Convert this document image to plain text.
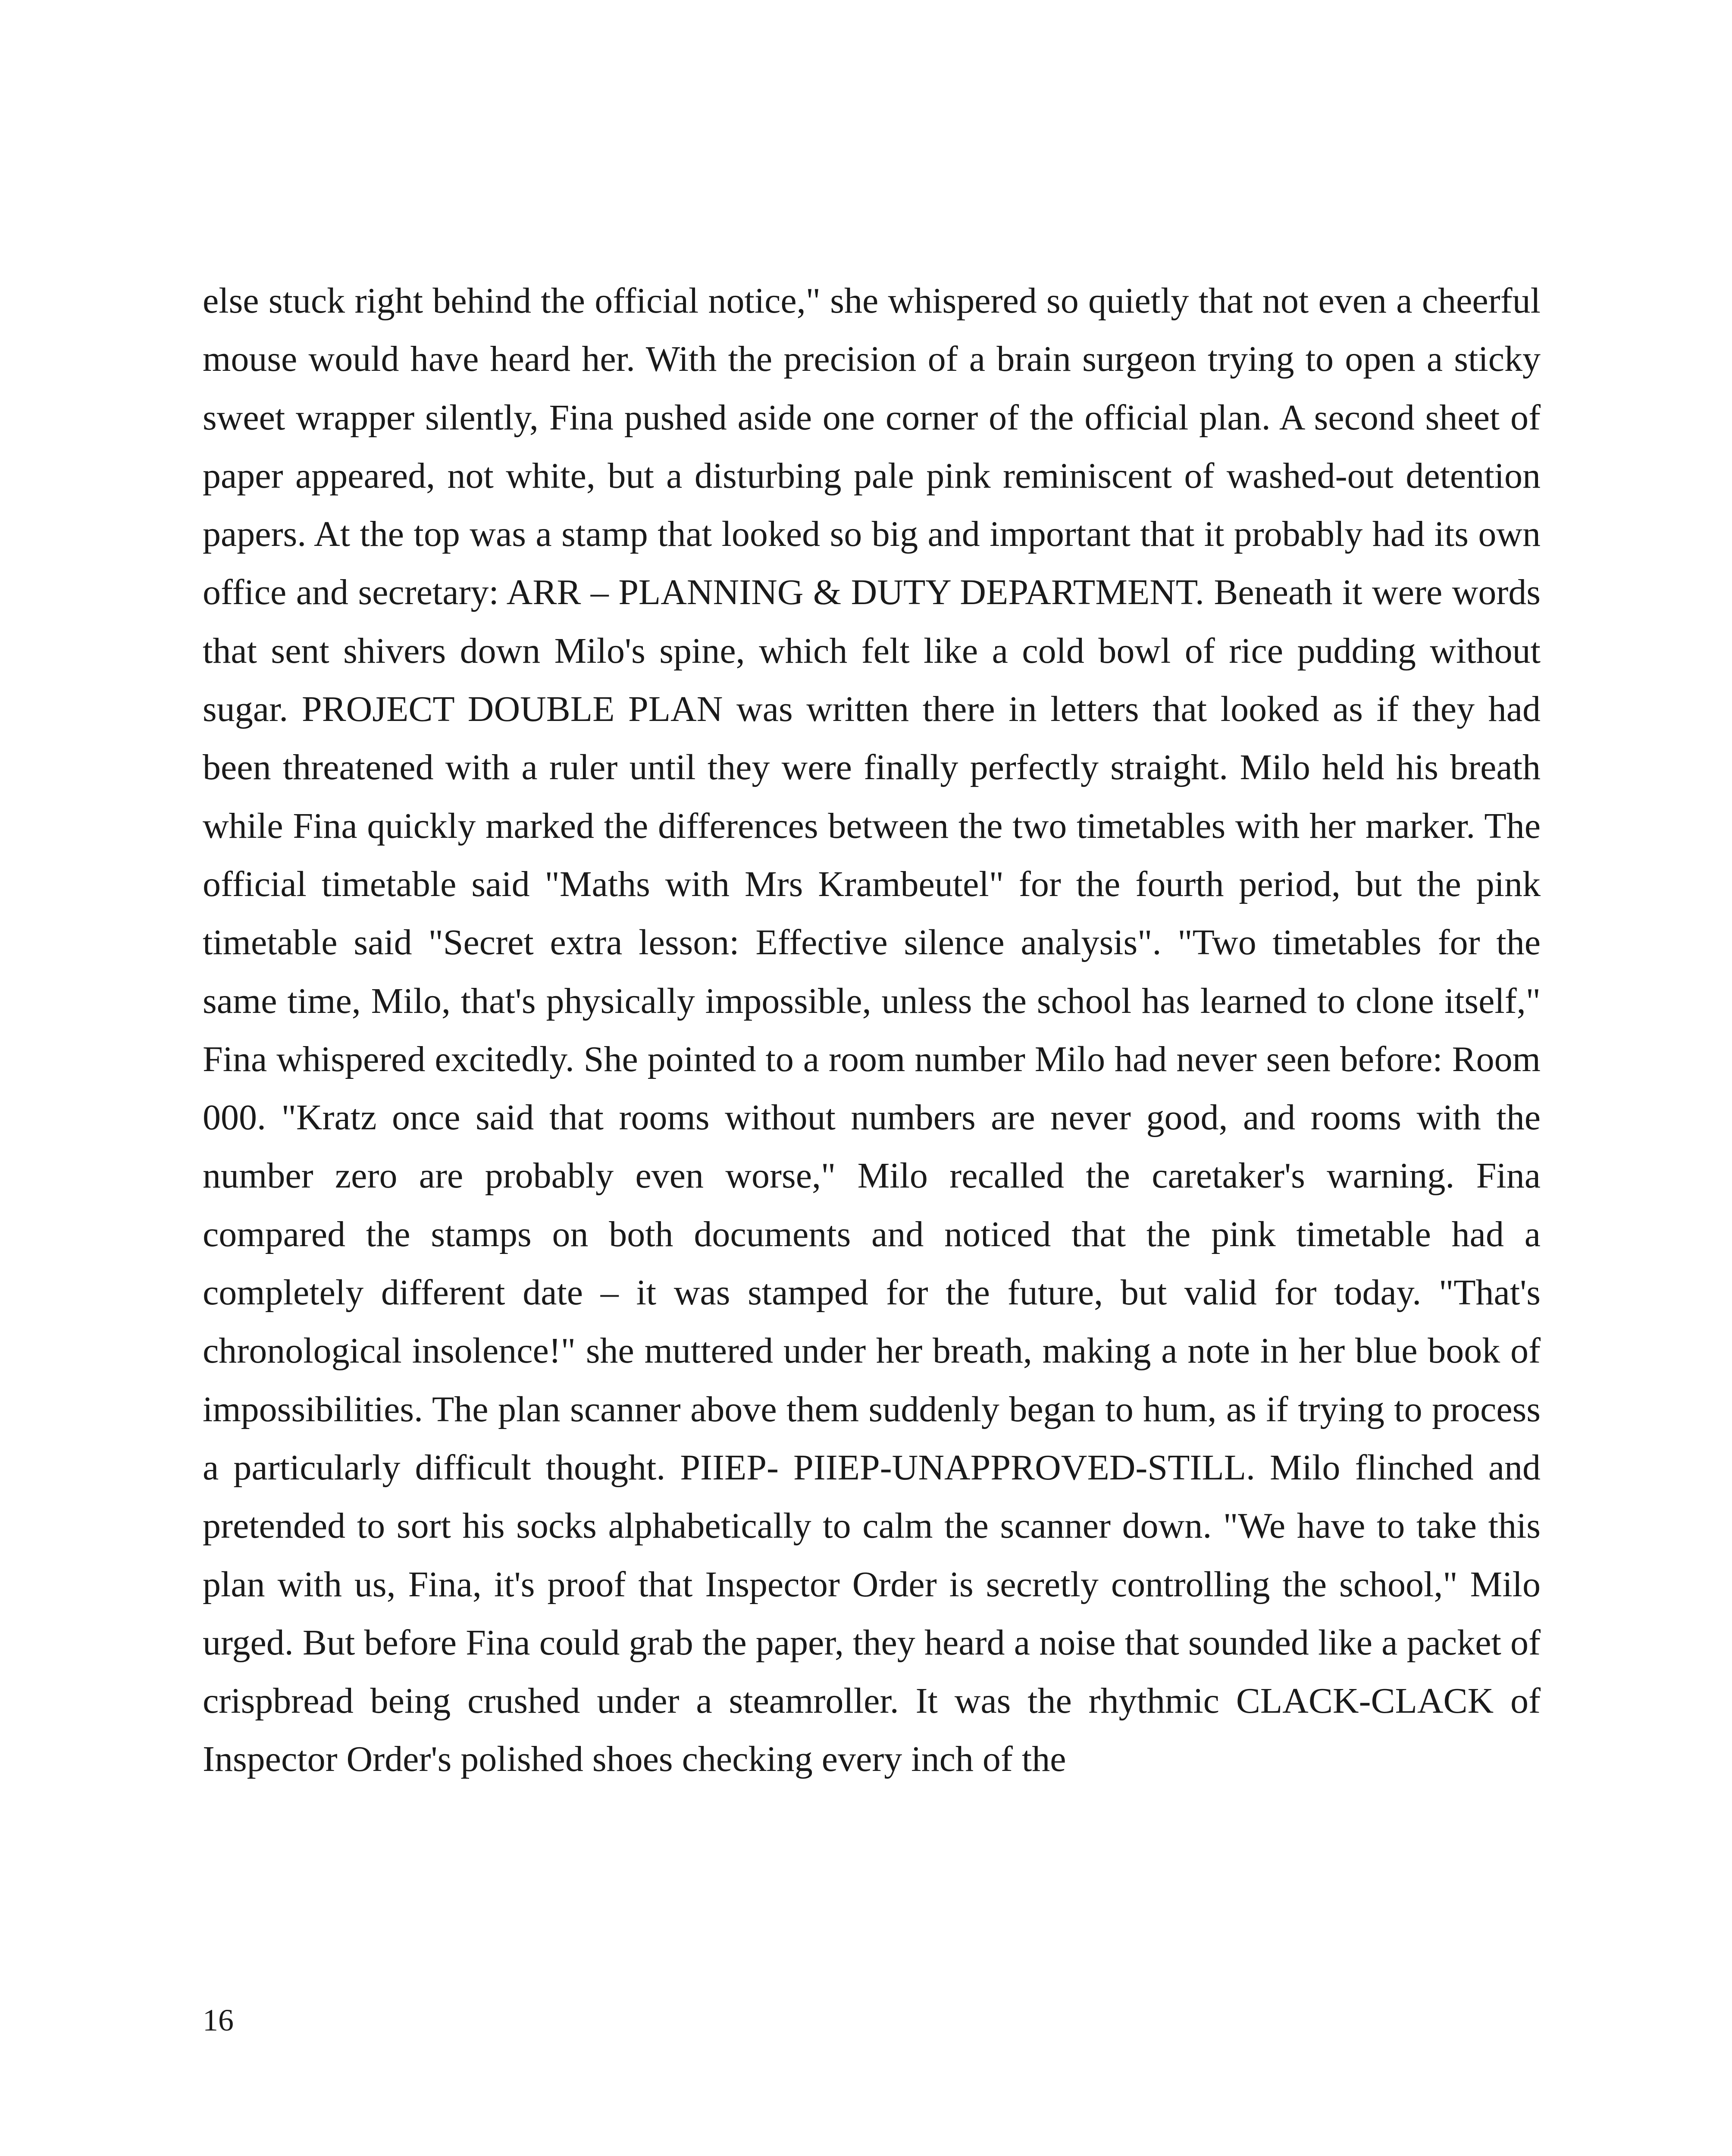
else stuck right behind the official notice," she whispered so quietly that not even a cheerful mouse would have heard her. With the precision of a brain surgeon trying to open a sticky sweet wrapper silently, Fina pushed aside one corner of the official plan. A second sheet of paper appeared, not white, but a disturbing pale pink reminiscent of washed-out detention papers. At the top was a stamp that looked so big and important that it probably had its own office and secretary: ARR – PLANNING & DUTY DEPARTMENT. Beneath it were words that sent shivers down Milo's spine, which felt like a cold bowl of rice pudding without sugar. PROJECT DOUBLE PLAN was written there in letters that looked as if they had been threatened with a ruler until they were finally perfectly straight. Milo held his breath while Fina quickly marked the differences between the two timetables with her marker. The official timetable said "Maths with Mrs Krambeutel" for the fourth period, but the pink timetable said "Secret extra lesson: Effective silence analysis". "Two timetables for the same time, Milo, that's physically impossible, unless the school has learned to clone itself," Fina whispered excitedly. She pointed to a room number Milo had never seen before: Room 000. "Kratz once said that rooms without numbers are never good, and rooms with the number zero are probably even worse," Milo recalled the caretaker's warning. Fina compared the stamps on both documents and noticed that the pink timetable had a completely different date – it was stamped for the future, but valid for today. "That's chronological insolence!" she muttered under her breath, making a note in her blue book of impossibilities. The plan scanner above them suddenly began to hum, as if trying to process a particularly difficult thought. PIIEP- PIIEP-UNAPPROVED-STILL. Milo flinched and pretended to sort his socks alphabetically to calm the scanner down. "We have to take this plan with us, Fina, it's proof that Inspector Order is secretly controlling the school," Milo urged. But before Fina could grab the paper, they heard a noise that sounded like a packet of crispbread being crushed under a steamroller. It was the rhythmic CLACK-CLACK of Inspector Order's polished shoes checking every inch of the

16
